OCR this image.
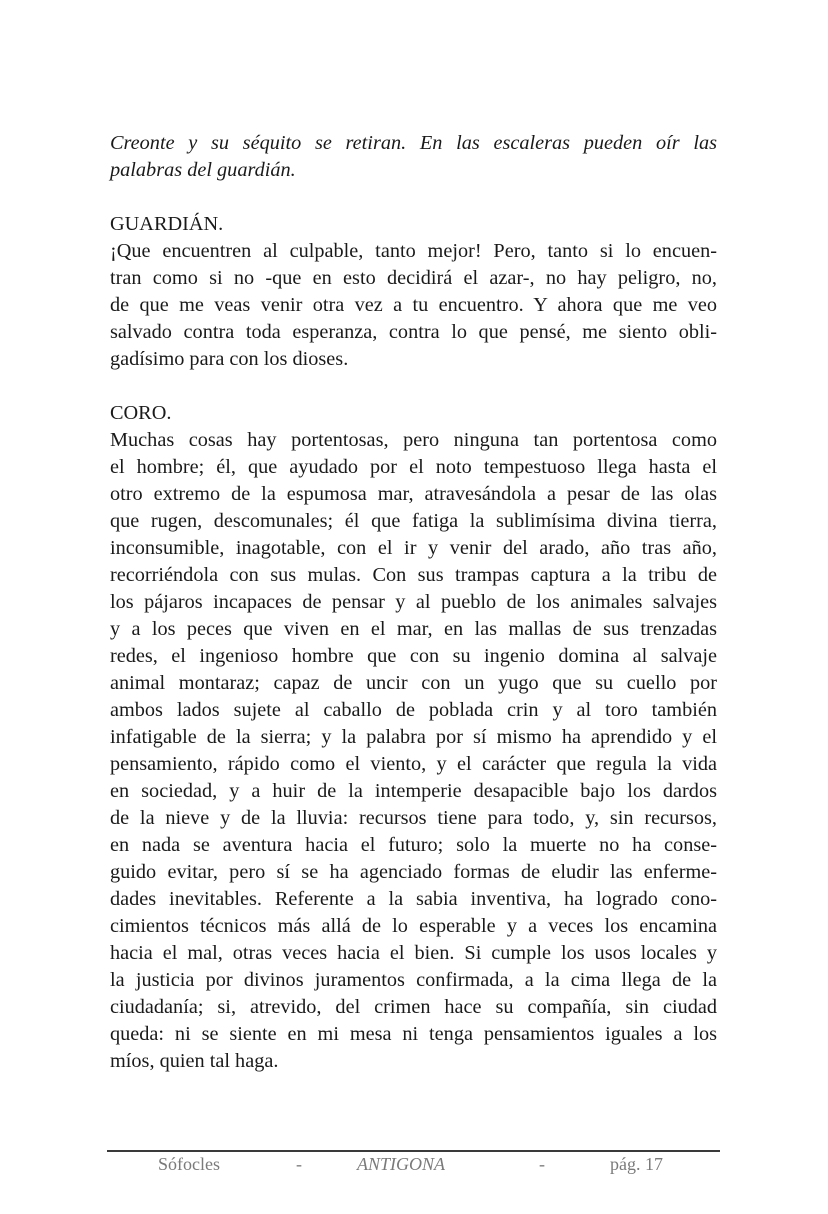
Creonte y su séquito se retiran. En las escaleras pueden oír las
palabras del guardián.
GUARDIÁN.
¡Que encuentren al culpable, tanto mejor! Pero, tanto si lo encuen-
tran como si no -que en esto decidirá el azar-, no hay peligro, no,
de que me veas venir otra vez a tu encuentro. Y ahora que me veo
salvado contra toda esperanza, contra lo que pensé, me siento obli-
gadísimo para con los dioses.
CORO.
Muchas cosas hay portentosas, pero ninguna tan portentosa como
el hombre; él, que ayudado por el noto tempestuoso llega hasta el
otro extremo de la espumosa mar, atravesándola a pesar de las olas
que rugen, descomunales; él que fatiga la sublimísima divina tierra,
inconsumible, inagotable, con el ir y venir del arado, año tras año,
recorriéndola con sus mulas. Con sus trampas captura a la tribu de
los pájaros incapaces de pensar y al pueblo de los animales salvajes
y a los peces que viven en el mar, en las mallas de sus trenzadas
redes, el ingenioso hombre que con su ingenio domina al salvaje
animal montaraz; capaz de uncir con un yugo que su cuello por
ambos lados sujete al caballo de poblada crin y al toro también
infatigable de la sierra; y la palabra por sí mismo ha aprendido y el
pensamiento, rápido como el viento, y el carácter que regula la vida
en sociedad, y a huir de la intemperie desapacible bajo los dardos
de la nieve y de la lluvia: recursos tiene para todo, y, sin recursos,
en nada se aventura hacia el futuro; solo la muerte no ha conse-
guido evitar, pero sí se ha agenciado formas de eludir las enferme-
dades inevitables. Referente a la sabia inventiva, ha logrado cono-
cimientos técnicos más allá de lo esperable y a veces los encamina
hacia el mal, otras veces hacia el bien. Si cumple los usos locales y
la justicia por divinos juramentos confirmada, a la cima llega de la
ciudadanía; si, atrevido, del crimen hace su compañía, sin ciudad
queda: ni se siente en mi mesa ni tenga pensamientos iguales a los
míos, quien tal haga.
Sófocles	-	ANTIGONA	-	pág. 17
